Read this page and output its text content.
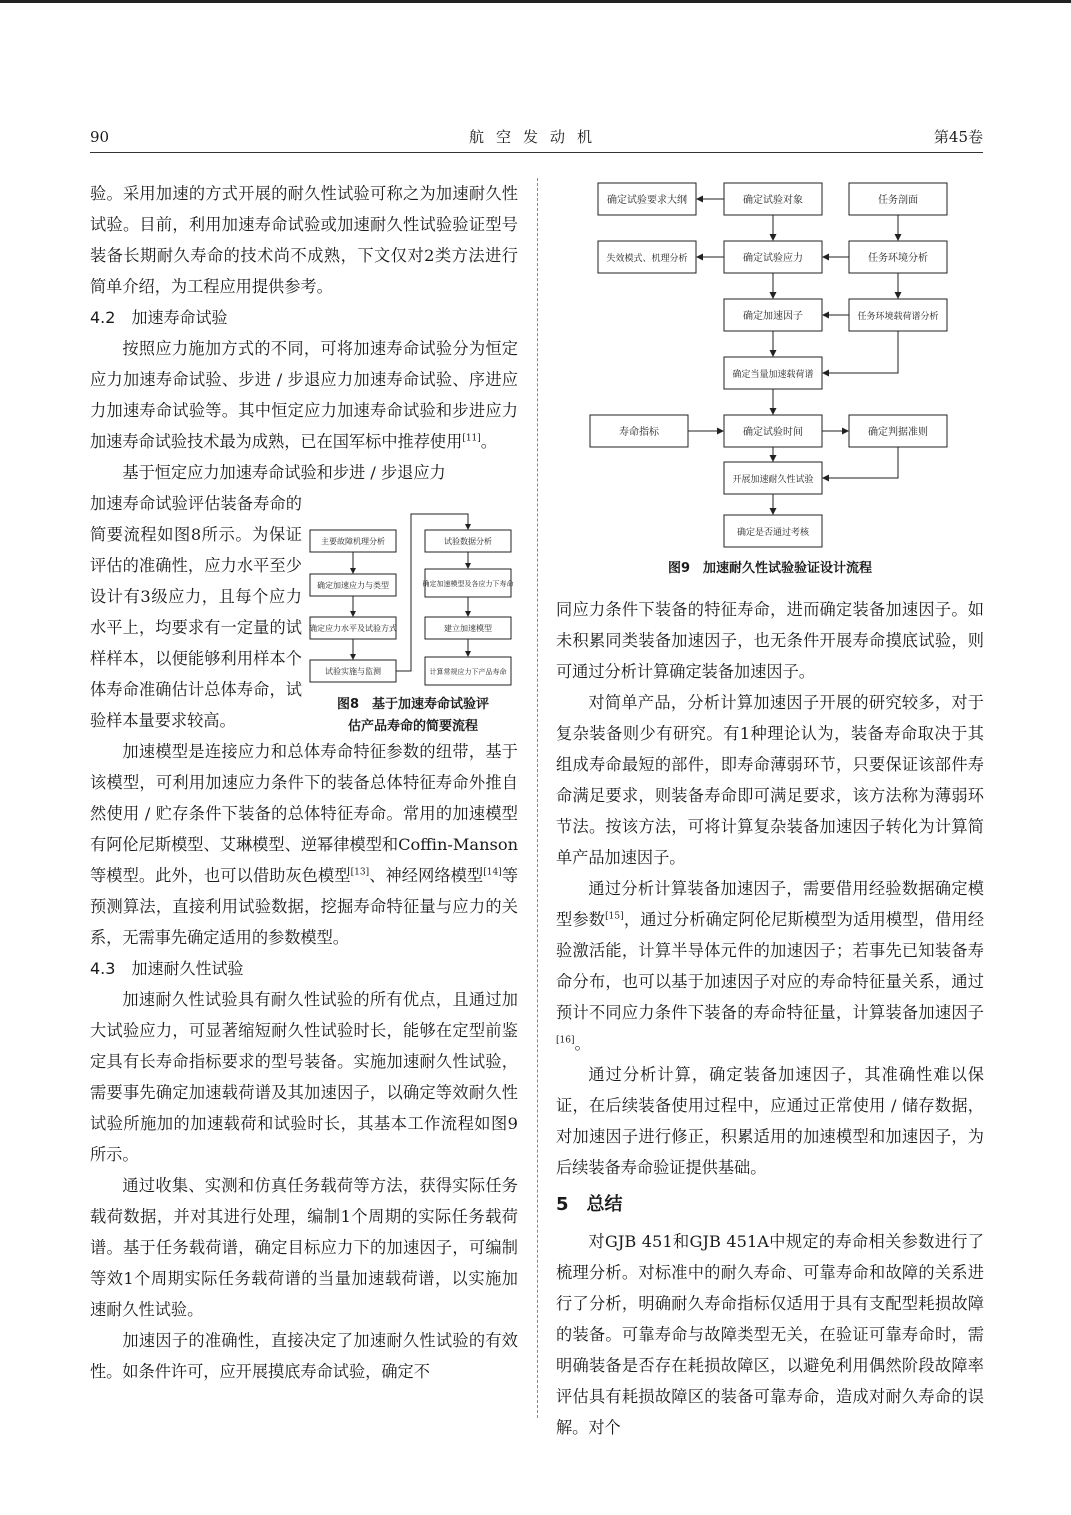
90	航空发动机	第45卷

验。采用加速的方式开展的耐久性试验可称之为加速耐久性试验。目前，利用加速寿命试验或加速耐久性试验验证型号装备长期耐久寿命的技术尚不成熟，下文仅对2类方法进行简单介绍，为工程应用提供参考。

4.2　加速寿命试验

按照应力施加方式的不同，可将加速寿命试验分为恒定应力加速寿命试验、步进 / 步退应力加速寿命试验、序进应力加速寿命试验等。其中恒定应力加速寿命试验和步进应力加速寿命试验技术最为成熟，已在国军标中推荐使用[11]。

基于恒定应力加速寿命试验和步进 / 步退应力

加速寿命试验评估装备寿命的简要流程如图8所示。为保证评估的准确性，应力水平至少设计有3级应力，且每个应力水平上，均要求有一定量的试样样本，以便能够利用样本个体寿命准确估计总体寿命，试验样本量要求较高。

主要故障机理分析
确定加速应力与类型
确定应力水平及试验方式
试验实施与监测
试验数据分析
确定加速模型及各应力下寿命
建立加速模型
计算常规应力下产品寿命
图8　基于加速寿命试验评
估产品寿命的简要流程

加速模型是连接应力和总体寿命特征参数的纽带，基于该模型，可利用加速应力条件下的装备总体特征寿命外推自然使用 / 贮存条件下装备的总体特征寿命。常用的加速模型有阿伦尼斯模型、艾琳模型、逆幂律模型和Coffin-Manson等模型。此外，也可以借助灰色模型[13]、神经网络模型[14]等预测算法，直接利用试验数据，挖掘寿命特征量与应力的关系，无需事先确定适用的参数模型。

4.3　加速耐久性试验

加速耐久性试验具有耐久性试验的所有优点，且通过加大试验应力，可显著缩短耐久性试验时长，能够在定型前鉴定具有长寿命指标要求的型号装备。实施加速耐久性试验，需要事先确定加速载荷谱及其加速因子，以确定等效耐久性试验所施加的加速载荷和试验时长，其基本工作流程如图9所示。

通过收集、实测和仿真任务载荷等方法，获得实际任务载荷数据，并对其进行处理，编制1个周期的实际任务载荷谱。基于任务载荷谱，确定目标应力下的加速因子，可编制等效1个周期实际任务载荷谱的当量加速载荷谱，以实施加速耐久性试验。

加速因子的准确性，直接决定了加速耐久性试验的有效性。如条件许可，应开展摸底寿命试验，确定不

确定试验要求大纲	确定试验对象	任务剖面
失效模式、机理分析	确定试验应力	任务环境分析
确定加速因子	任务环境载荷谱分析
确定当量加速载荷谱
寿命指标	确定试验时间	确定判据准则
开展加速耐久性试验
确定是否通过考核
图9　加速耐久性试验验证设计流程

同应力条件下装备的特征寿命，进而确定装备加速因子。如未积累同类装备加速因子，也无条件开展寿命摸底试验，则可通过分析计算确定装备加速因子。

对简单产品，分析计算加速因子开展的研究较多，对于复杂装备则少有研究。有1种理论认为，装备寿命取决于其组成寿命最短的部件，即寿命薄弱环节，只要保证该部件寿命满足要求，则装备寿命即可满足要求，该方法称为薄弱环节法。按该方法，可将计算复杂装备加速因子转化为计算简单产品加速因子。

通过分析计算装备加速因子，需要借用经验数据确定模型参数[15]，通过分析确定阿伦尼斯模型为适用模型，借用经验激活能，计算半导体元件的加速因子；若事先已知装备寿命分布，也可以基于加速因子对应的寿命特征量关系，通过预计不同应力条件下装备的寿命特征量，计算装备加速因子[16]。

通过分析计算，确定装备加速因子，其准确性难以保证，在后续装备使用过程中，应通过正常使用 / 储存数据，对加速因子进行修正，积累适用的加速模型和加速因子，为后续装备寿命验证提供基础。

5　总结

对GJB 451和GJB 451A中规定的寿命相关参数进行了梳理分析。对标准中的耐久寿命、可靠寿命和故障的关系进行了分析，明确耐久寿命指标仅适用于具有支配型耗损故障的装备。可靠寿命与故障类型无关，在验证可靠寿命时，需明确装备是否存在耗损故障区，以避免利用偶然阶段故障率评估具有耗损故障区的装备可靠寿命，造成对耐久寿命的误解。对个
